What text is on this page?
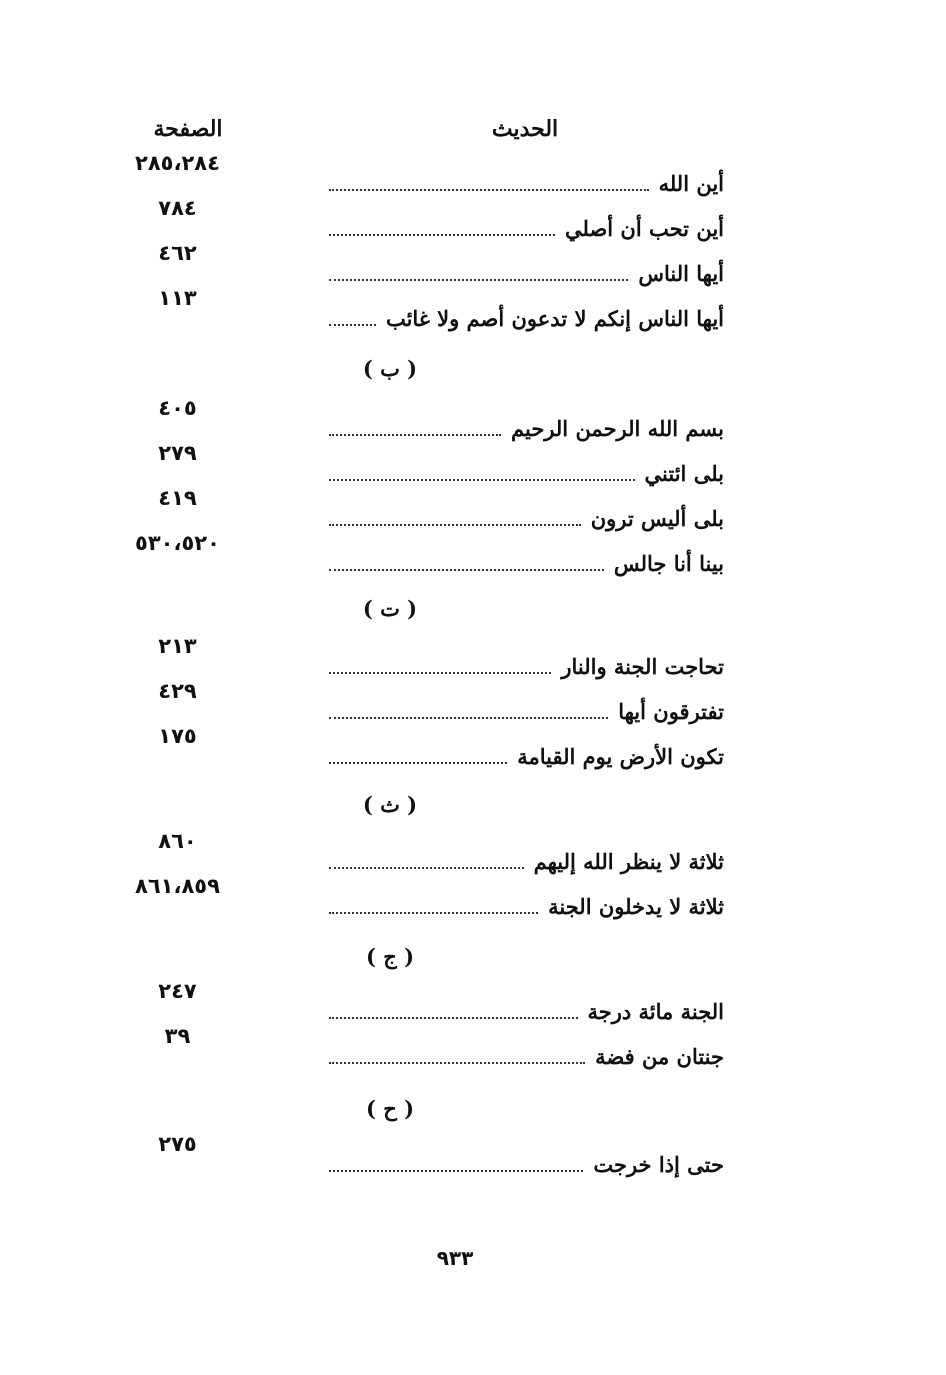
الصفحة	الحديث
٢٨٥،٢٨٤
أين الله
٧٨٤
أين تحب أن أصلي
٤٦٢
أيها الناس
١١٣
أيها الناس إنكم لا تدعون أصم ولا غائب
( ب )
٤٠٥
بسم الله الرحمن الرحيم
٢٧٩
بلى ائتني
٤١٩
بلى أليس ترون
٥٣٠،٥٢٠
بينا أنا جالس
( ت )
٢١٣
تحاجت الجنة والنار
٤٢٩
تفترقون أيها
١٧٥
تكون الأرض يوم القيامة
( ث )
٨٦٠
ثلاثة لا ينظر الله إليهم
٨٦١،٨٥٩
ثلاثة لا يدخلون الجنة
( ج )
٢٤٧
الجنة مائة درجة
٣٩
جنتان من فضة
( ح )
٢٧٥
حتى إذا خرجت
٩٣٣
